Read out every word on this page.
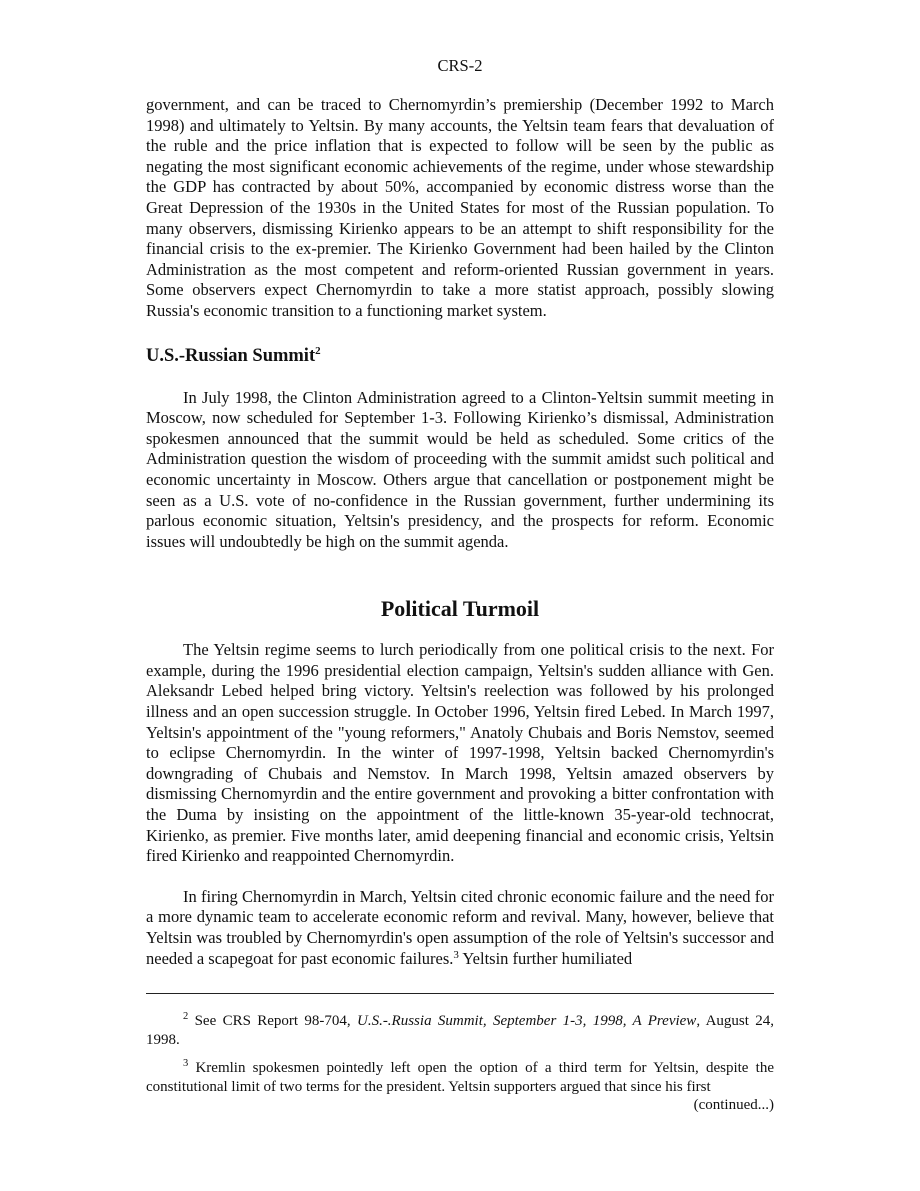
CRS-2

government, and can be traced to Chernomyrdin’s premiership (December 1992 to March 1998) and ultimately to Yeltsin. By many accounts, the Yeltsin team fears that devaluation of the ruble and the price inflation that is expected to follow will be seen by the public as negating the most significant economic achievements of the regime, under whose stewardship the GDP has contracted by about 50%, accompanied by economic distress worse than the Great Depression of the 1930s in the United States for most of the Russian population. To many observers, dismissing Kirienko appears to be an attempt to shift responsibility for the financial crisis to the ex-premier. The Kirienko Government had been hailed by the Clinton Administration as the most competent and reform-oriented Russian government in years. Some observers expect Chernomyrdin to take a more statist approach, possibly slowing Russia's economic transition to a functioning market system.

U.S.-Russian Summit$^2$

In July 1998, the Clinton Administration agreed to a Clinton-Yeltsin summit meeting in Moscow, now scheduled for September 1-3. Following Kirienko’s dismissal, Administration spokesmen announced that the summit would be held as scheduled. Some critics of the Administration question the wisdom of proceeding with the summit amidst such political and economic uncertainty in Moscow. Others argue that cancellation or postponement might be seen as a U.S. vote of no-confidence in the Russian government, further undermining its parlous economic situation, Yeltsin's presidency, and the prospects for reform. Economic issues will undoubtedly be high on the summit agenda.

Political Turmoil

The Yeltsin regime seems to lurch periodically from one political crisis to the next. For example, during the 1996 presidential election campaign, Yeltsin's sudden alliance with Gen. Aleksandr Lebed helped bring victory. Yeltsin's reelection was followed by his prolonged illness and an open succession struggle. In October 1996, Yeltsin fired Lebed. In March 1997, Yeltsin's appointment of the "young reformers," Anatoly Chubais and Boris Nemstov, seemed to eclipse Chernomyrdin. In the winter of 1997-1998, Yeltsin backed Chernomyrdin's downgrading of Chubais and Nemstov. In March 1998, Yeltsin amazed observers by dismissing Chernomyrdin and the entire government and provoking a bitter confrontation with the Duma by insisting on the appointment of the little-known 35-year-old technocrat, Kirienko, as premier. Five months later, amid deepening financial and economic crisis, Yeltsin fired Kirienko and reappointed Chernomyrdin.

In firing Chernomyrdin in March, Yeltsin cited chronic economic failure and the need for a more dynamic team to accelerate economic reform and revival. Many, however, believe that Yeltsin was troubled by Chernomyrdin's open assumption of the role of Yeltsin's successor and needed a scapegoat for past economic failures.$^3$ Yeltsin further humiliated

$^2$ See CRS Report 98-704, U.S.-.Russia Summit, September 1-3, 1998, A Preview, August 24, 1998.

$^3$ Kremlin spokesmen pointedly left open the option of a third term for Yeltsin, despite the constitutional limit of two terms for the president. Yeltsin supporters argued that since his first

(continued...)
